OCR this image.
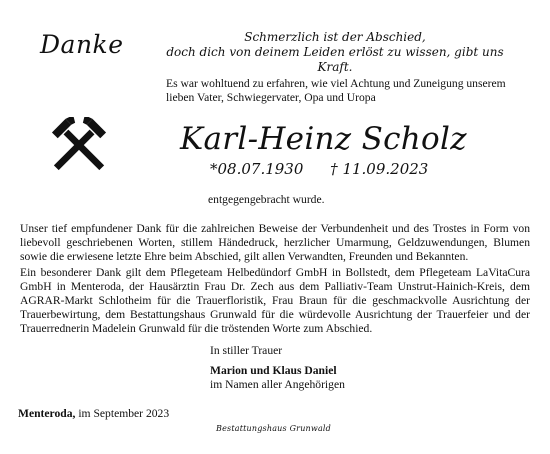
Danke	Schmerzlich ist der Abschied,
doch dich von deinem Leiden erlöst zu wissen, gibt uns Kraft.
Es war wohltuend zu erfahren, wie viel Achtung und Zuneigung unserem
lieben Vater, Schwiegervater, Opa und Uropa
Karl-Heinz Scholz
*08.07.1930 † 11.09.2023
entgegengebracht wurde.
Unser tief empfundener Dank für die zahlreichen Beweise der Verbundenheit und des Trostes in Form von liebevoll geschriebenen Worten, stillem Händedruck, herzlicher Umarmung, Geldzuwendungen, Blumen sowie die erwiesene letzte Ehre beim Abschied, gilt allen Verwandten, Freunden und Bekannten.
Ein besonderer Dank gilt dem Pflegeteam Helbedündorf GmbH in Bollstedt, dem Pflegeteam LaVitaCura GmbH in Menteroda, der Hausärztin Frau Dr. Zech aus dem Palliativ-Team Unstrut-Hainich-Kreis, dem AGRAR-Markt Schlotheim für die Trauerfloristik, Frau Braun für die geschmackvolle Ausrichtung der Trauerbewirtung, dem Bestattungshaus Grunwald für die würdevolle Ausrichtung der Trauerfeier und der Trauerrednerin Madelein Grunwald für die tröstenden Worte zum Abschied.
In stiller Trauer
Marion und Klaus Daniel
im Namen aller Angehörigen
Menteroda, im September 2023
Bestattungshaus Grunwald
